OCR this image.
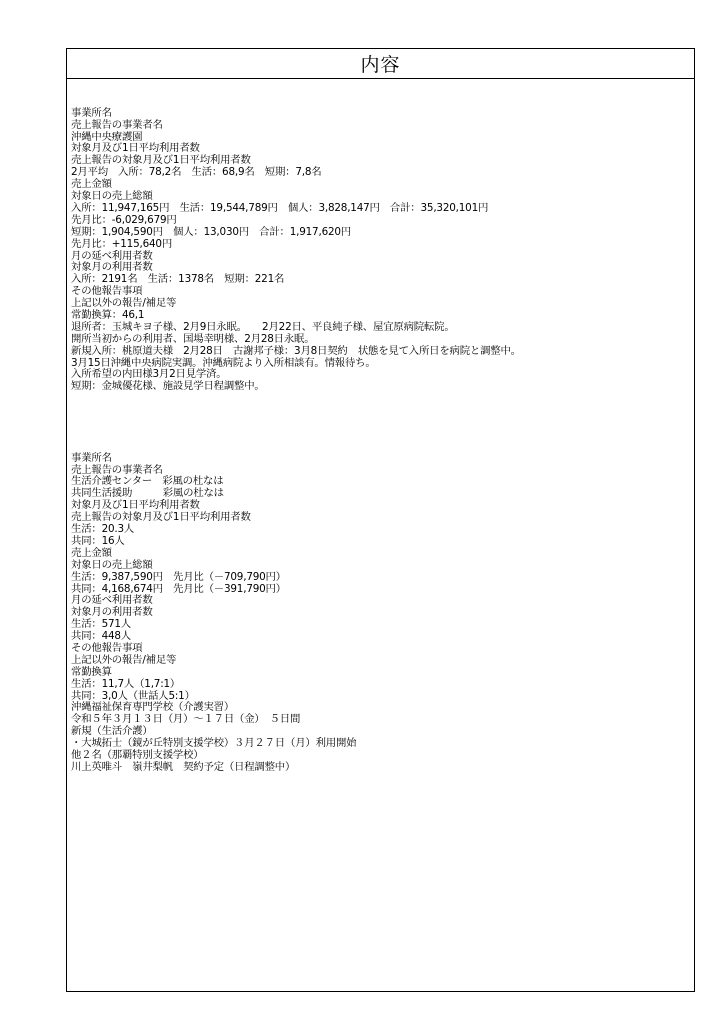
内容

事業所名
売上報告の事業者名
沖縄中央療護園
対象月及び1日平均利用者数
売上報告の対象月及び1日平均利用者数
2月平均　入所：78,2名　生活：68,9名　短期：7,8名
売上金額
対象日の売上総額
入所：11,947,165円　生活：19,544,789円　個人：3,828,147円　合計：35,320,101円
先月比：-6,029,679円
短期：1,904,590円　個人：13,030円　合計：1,917,620円
先月比：+115,640円
月の延べ利用者数
対象月の利用者数
入所：2191名　生活：1378名　短期：221名
その他報告事項
上記以外の報告/補足等
常勤換算：46,1
退所者：玉城キヨ子様、2月9日永眠。　　2月22日、平良純子様、屋宜原病院転院。
開所当初からの利用者、国場幸明様、2月28日永眠。
新規入所：桃原道夫様　2月28日　古謝邦子様：3月8日契約　状態を見て入所日を病院と調整中。
3月15日沖縄中央病院実調。沖縄病院より入所相談有。情報待ち。
入所希望の内田様3月2日見学済。
短期：金城優花様、施設見学日程調整中。

事業所名
売上報告の事業者名
生活介護センター　彩風の杜なは
共同生活援助　　　彩風の杜なは
対象月及び1日平均利用者数
売上報告の対象月及び1日平均利用者数
生活：20.3人
共同：16人
売上金額
対象日の売上総額
生活：9,387,590円　先月比（－709,790円）
共同：4,168,674円　先月比（－391,790円）
月の延べ利用者数
対象月の利用者数
生活：571人
共同：448人
その他報告事項
上記以外の報告/補足等
常勤換算
生活：11,7人（1,7:1）
共同：3,0人（世話人5:1）
沖縄福祉保育専門学校（介護実習）
令和５年３月１３日（月）～１７日（金）　５日間
新規（生活介護）
・大城拓士（鏡が丘特別支援学校）３月２７日（月）利用開始
他２名（那覇特別支援学校）
川上英唯斗　嶺井梨帆　契約予定（日程調整中）
